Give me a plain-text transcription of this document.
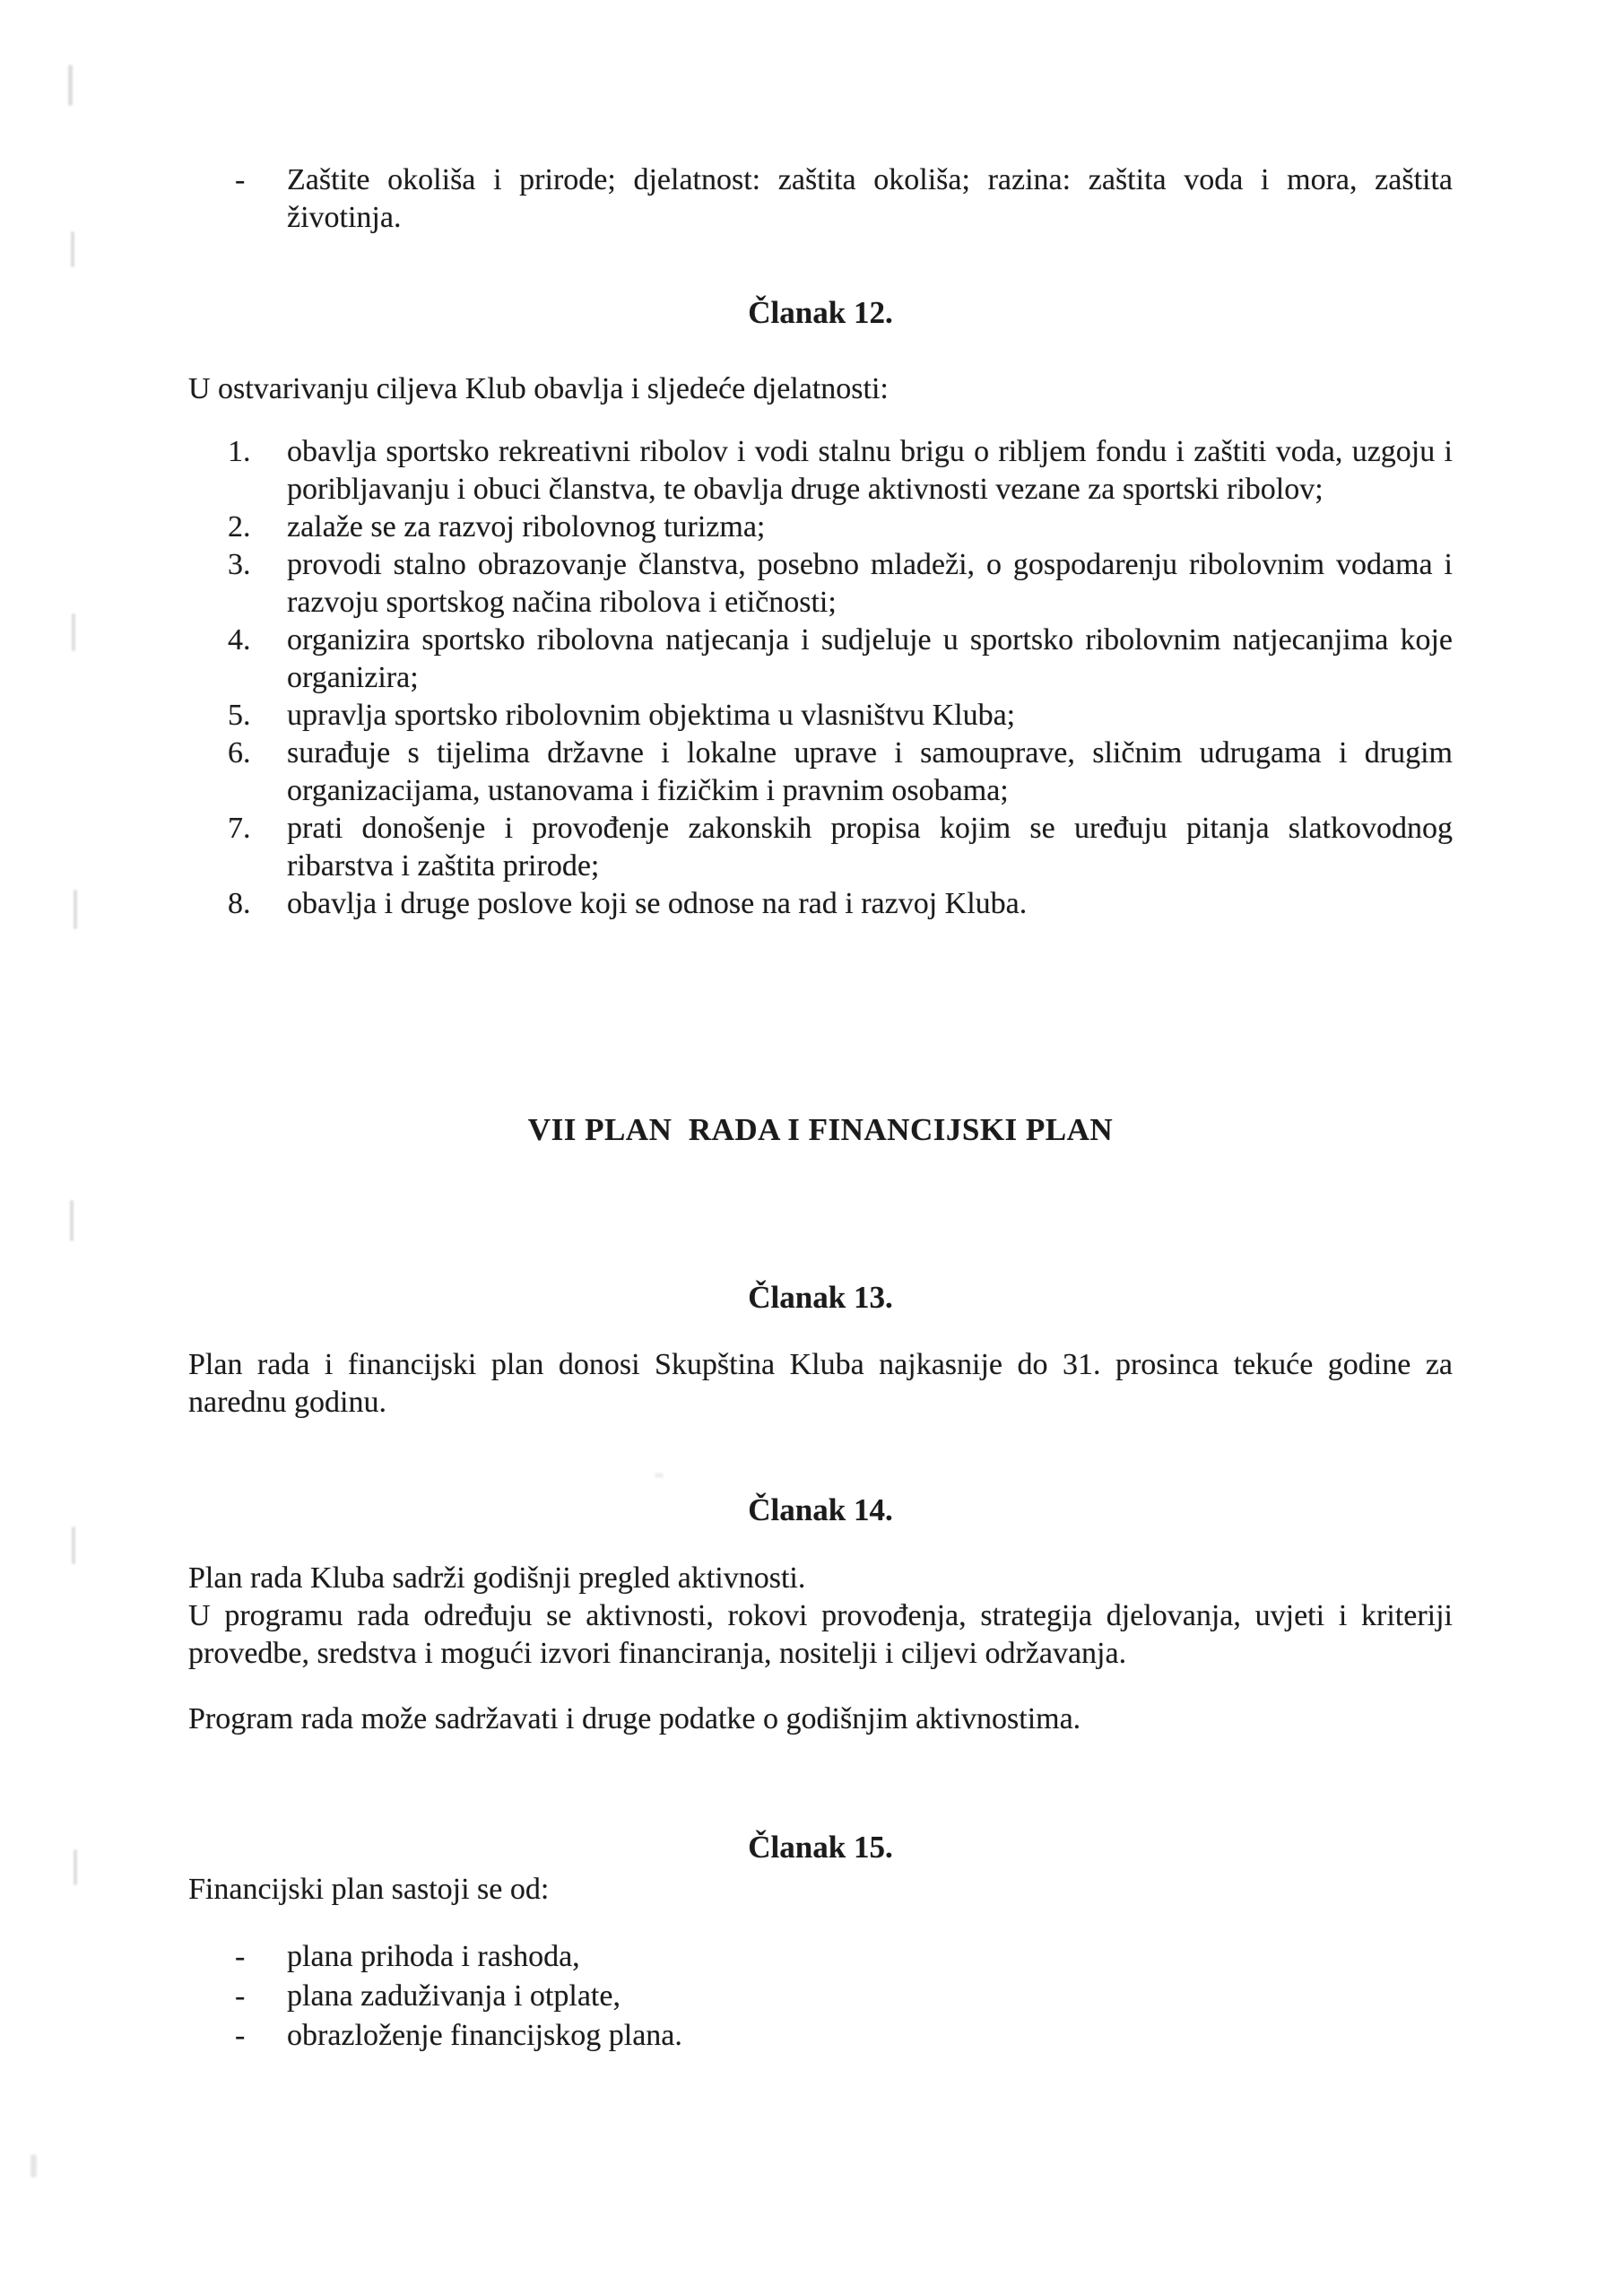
-	Zaštite okoliša i prirode; djelatnost: zaštita okoliša; razina: zaštita voda i mora, zaštita životinja.
Članak 12.

U ostvarivanju ciljeva Klub obavlja i sljedeće djelatnosti:

obavlja sportsko rekreativni ribolov i vodi stalnu brigu o ribljem fondu i zaštiti voda, uzgoju i poribljavanju i obuci članstva, te obavlja druge aktivnosti vezane za sportski ribolov;
zalaže se za razvoj ribolovnog turizma;
provodi stalno obrazovanje članstva, posebno mladeži, o gospodarenju ribolovnim vodama i razvoju sportskog načina ribolova i etičnosti;
organizira sportsko ribolovna natjecanja i sudjeluje u sportsko ribolovnim natjecanjima koje organizira;
upravlja sportsko ribolovnim objektima u vlasništvu Kluba;
surađuje s tijelima državne i lokalne uprave i samouprave, sličnim udrugama i drugim organizacijama, ustanovama i fizičkim i pravnim osobama;
prati donošenje i provođenje zakonskih propisa kojim se uređuju pitanja slatkovodnog ribarstva i zaštita prirode;
obavlja i druge poslove koji se odnose na rad i razvoj Kluba.
VII PLAN  RADA I FINANCIJSKI PLAN
Članak 13.

Plan rada i financijski plan donosi Skupština Kluba najkasnije do 31. prosinca tekuće godine za narednu godinu.

Članak 14.

Plan rada Kluba sadrži godišnji pregled aktivnosti.

U programu rada određuju se aktivnosti, rokovi provođenja, strategija djelovanja, uvjeti i kriteriji provedbe, sredstva i mogući izvori financiranja, nositelji i ciljevi održavanja.

Program rada može sadržavati i druge podatke o godišnjim aktivnostima.

Članak 15.

Financijski plan sastoji se od:

-	plana prihoda i rashoda,
-	plana zaduživanja i otplate,
-	obrazloženje financijskog plana.
